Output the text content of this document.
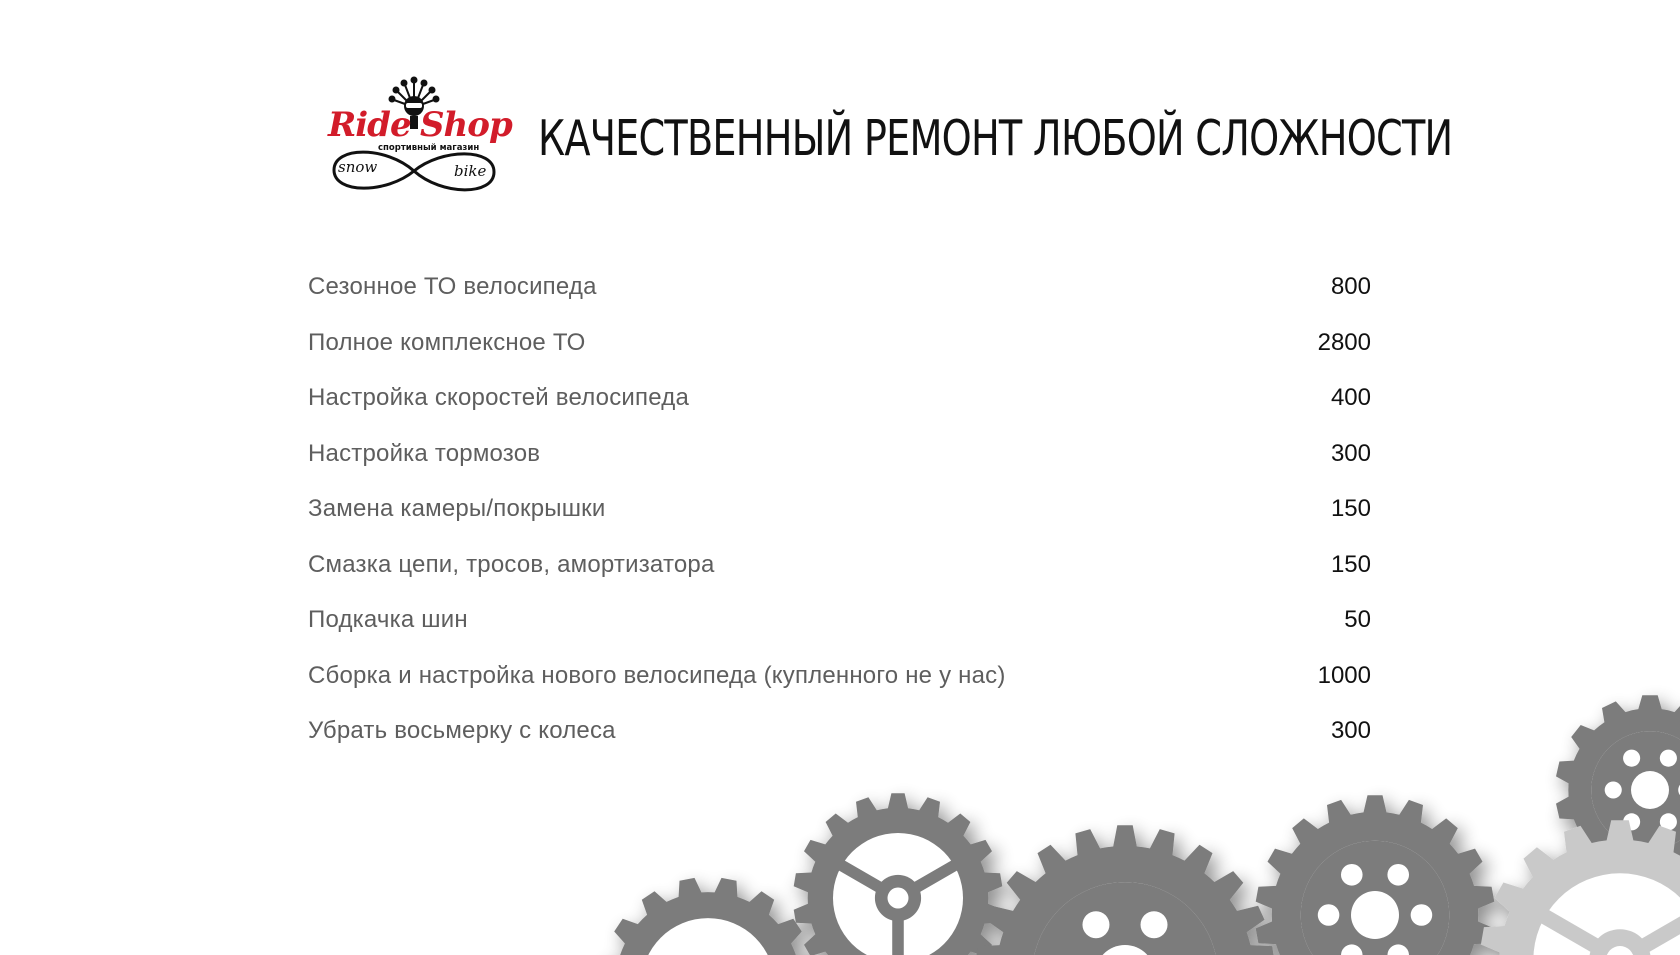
Ride Shop
спортивный магазин
snow	bike
КАЧЕСТВЕННЫЙ РЕМОНТ ЛЮБОЙ СЛОЖНОСТИ
Сезонное ТО велосипеда	800
Полное комплексное ТО	2800
Настройка скоростей велосипеда	400
Настройка тормозов	300
Замена камеры/покрышки	150
Смазка цепи, тросов, амортизатора	150
Подкачка шин	50
Сборка и настройка нового велосипеда (купленного не у нас)	1000
Убрать восьмерку с колеса	300
